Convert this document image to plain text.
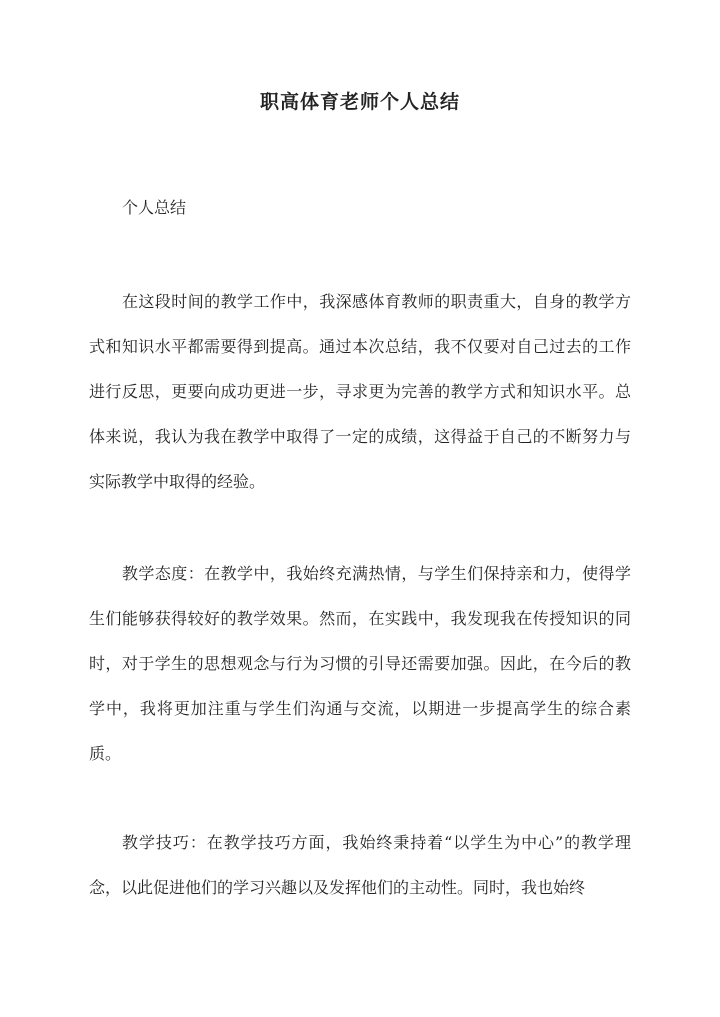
职高体育老师个人总结

个人总结

在这段时间的教学工作中，我深感体育教师的职责重大，自身的教学方式和知识水平都需要得到提高。通过本次总结，我不仅要对自己过去的工作进行反思，更要向成功更进一步，寻求更为完善的教学方式和知识水平。总体来说，我认为我在教学中取得了一定的成绩，这得益于自己的不断努力与实际教学中取得的经验。

教学态度：在教学中，我始终充满热情，与学生们保持亲和力，使得学生们能够获得较好的教学效果。然而，在实践中，我发现我在传授知识的同时，对于学生的思想观念与行为习惯的引导还需要加强。因此，在今后的教学中，我将更加注重与学生们沟通与交流，以期进一步提高学生的综合素质。

教学技巧：在教学技巧方面，我始终秉持着“以学生为中心”的教学理念，以此促进他们的学习兴趣以及发挥他们的主动性。同时，我也始终
